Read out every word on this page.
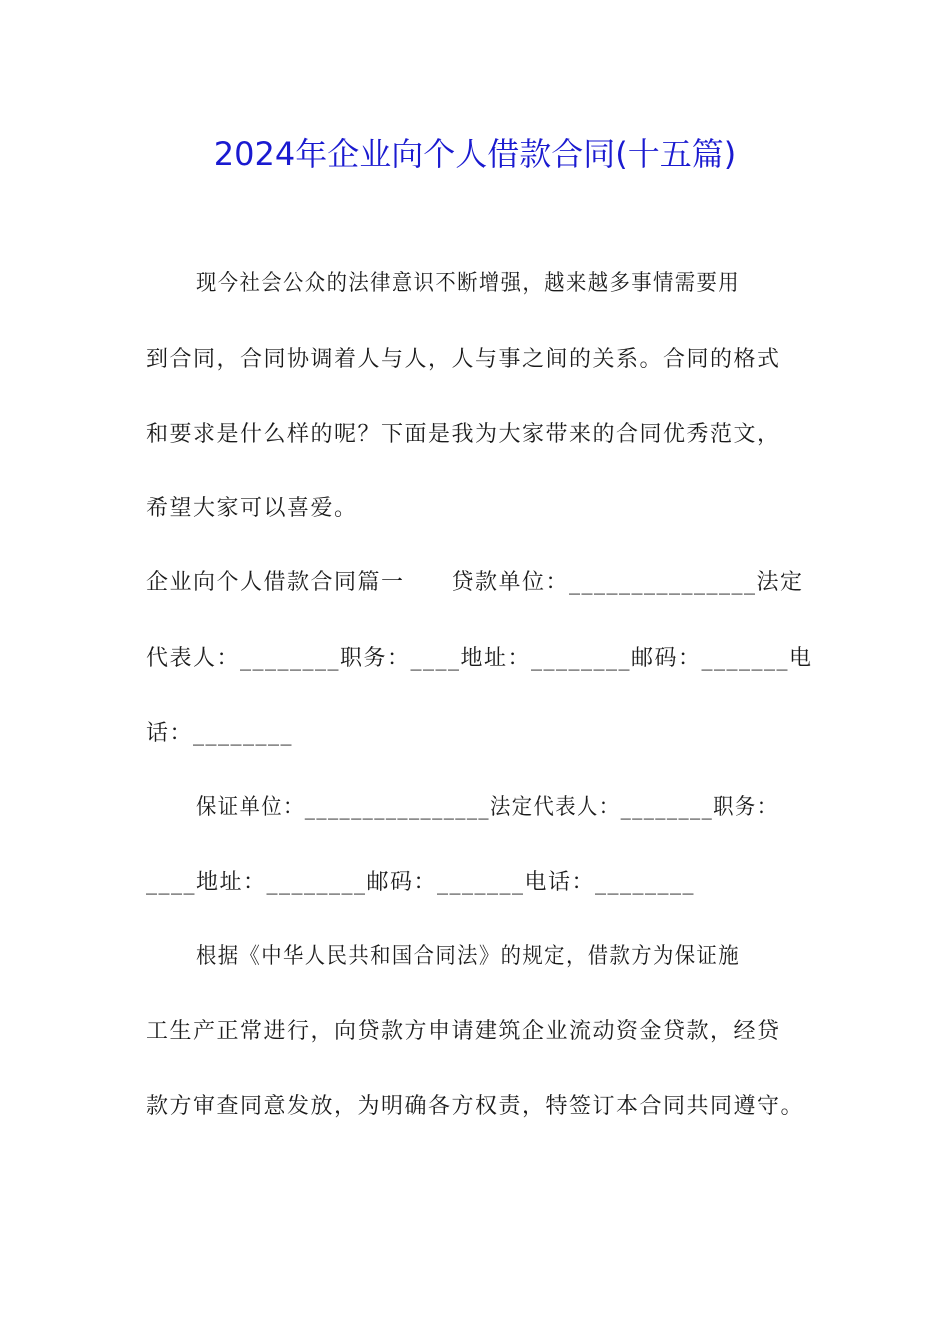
2024年企业向个人借款合同(十五篇)
现今社会公众的法律意识不断增强，越来越多事情需要用
到合同，合同协调着人与人，人与事之间的关系。合同的格式
和要求是什么样的呢？下面是我为大家带来的合同优秀范文，
希望大家可以喜爱。
企业向个人借款合同篇一　　贷款单位：_______________法定
代表人：________职务：____地址：________邮码：_______电
话：________
保证单位：________________法定代表人：________职务：
____地址：________邮码：_______电话：________
根据《中华人民共和国合同法》的规定，借款方为保证施
工生产正常进行，向贷款方申请建筑企业流动资金贷款，经贷
款方审查同意发放，为明确各方权责，特签订本合同共同遵守。
